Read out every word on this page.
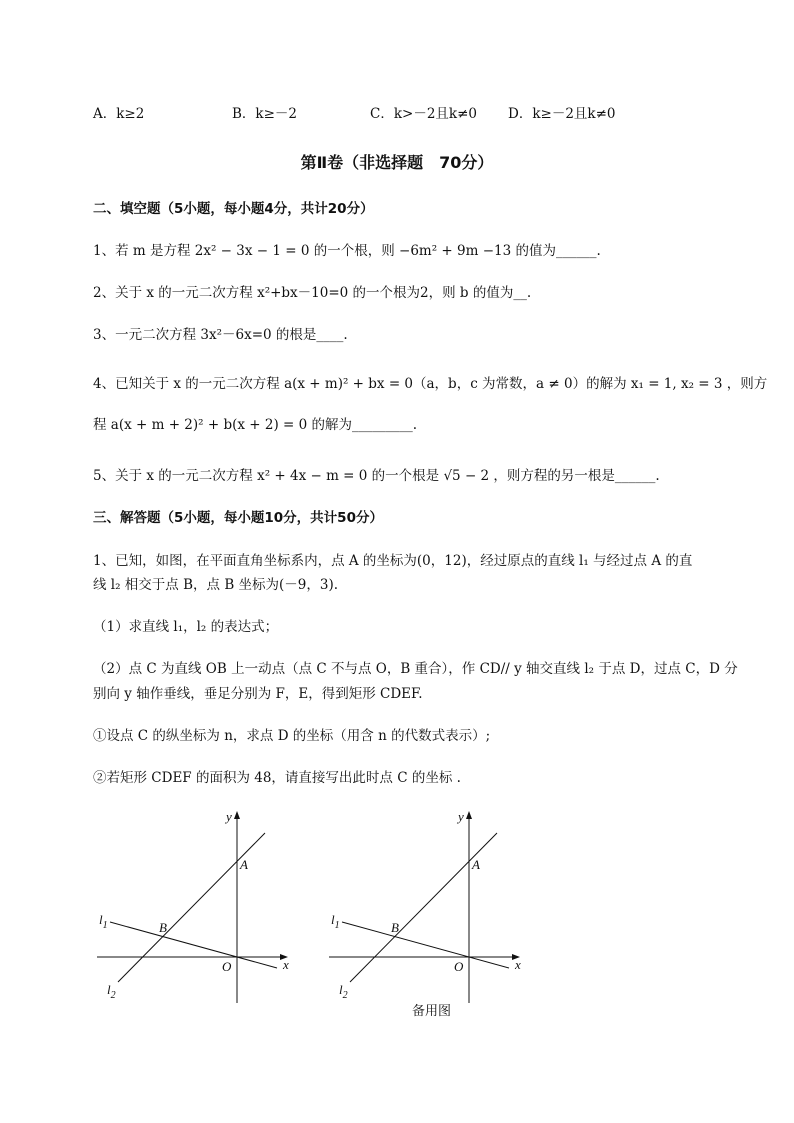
A．k≥2	B．k≥－2	C．k>－2且k≠0 D．k≥－2且k≠0
第Ⅱ卷（非选择题　70分）
二、填空题（5小题，每小题4分，共计20分）
1、若 m 是方程 2x² − 3x − 1 = 0 的一个根，则 −6m² + 9m −13 的值为______.
2、关于 x 的一元二次方程 x²+bx－10=0 的一个根为2，则 b 的值为__.
3、一元二次方程 3x²－6x=0 的根是____.
4、已知关于 x 的一元二次方程 a(x + m)² + bx = 0（a，b，c 为常数，a ≠ 0）的解为 x₁ = 1, x₂ = 3 ，则方
程 a(x + m + 2)² + b(x + 2) = 0 的解为_________.
5、关于 x 的一元二次方程 x² + 4x − m = 0 的一个根是 √5 − 2 ，则方程的另一根是______.
三、解答题（5小题，每小题10分，共计50分）
1、已知，如图，在平面直角坐标系内，点 A 的坐标为(0，12)，经过原点的直线 l₁ 与经过点 A 的直
线 l₂ 相交于点 B，点 B 坐标为(－9，3).
（1）求直线 l₁，l₂ 的表达式；
（2）点 C 为直线 OB 上一动点（点 C 不与点 O，B 重合），作 CD// y 轴交直线 l₂ 于点 D，过点 C，D 分
别向 y 轴作垂线，垂足分别为 F，E，得到矩形 CDEF.
①设点 C 的纵坐标为 n，求点 D 的坐标（用含 n 的代数式表示）;
②若矩形 CDEF 的面积为 48，请直接写出此时点 C 的坐标 .
y
x
A
B
O
$l_1$
$l_2$
y
x
A
B
O
$l_1$
$l_2$
备用图
